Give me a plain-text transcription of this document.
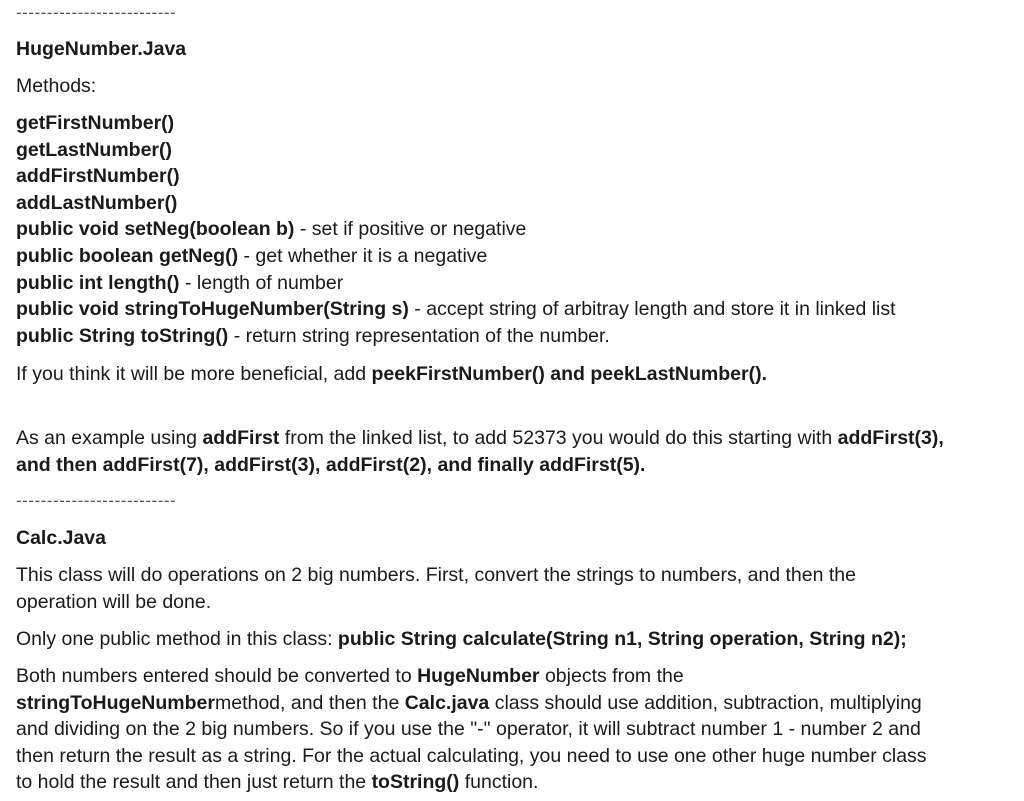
--------------------------
HugeNumber.Java
Methods:
getFirstNumber()
getLastNumber()
addFirstNumber()
addLastNumber()
public void setNeg(boolean b) - set if positive or negative
public boolean getNeg() - get whether it is a negative
public int length() - length of number
public void stringToHugeNumber(String s) - accept string of arbitray length and store it in linked list
public String toString() - return string representation of the number.
If you think it will be more beneficial, add peekFirstNumber() and peekLastNumber().
As an example using addFirst from the linked list, to add 52373 you would do this starting with addFirst(3),
and then addFirst(7), addFirst(3), addFirst(2), and finally addFirst(5).
--------------------------
Calc.Java
This class will do operations on 2 big numbers. First, convert the strings to numbers, and then the
operation will be done.
Only one public method in this class: public String calculate(String n1, String operation, String n2);
Both numbers entered should be converted to HugeNumber objects from the
stringToHugeNumbermethod, and then the Calc.java class should use addition, subtraction, multiplying
and dividing on the 2 big numbers. So if you use the "-" operator, it will subtract number 1 - number 2 and
then return the result as a string. For the actual calculating, you need to use one other huge number class
to hold the result and then just return the toString() function.
